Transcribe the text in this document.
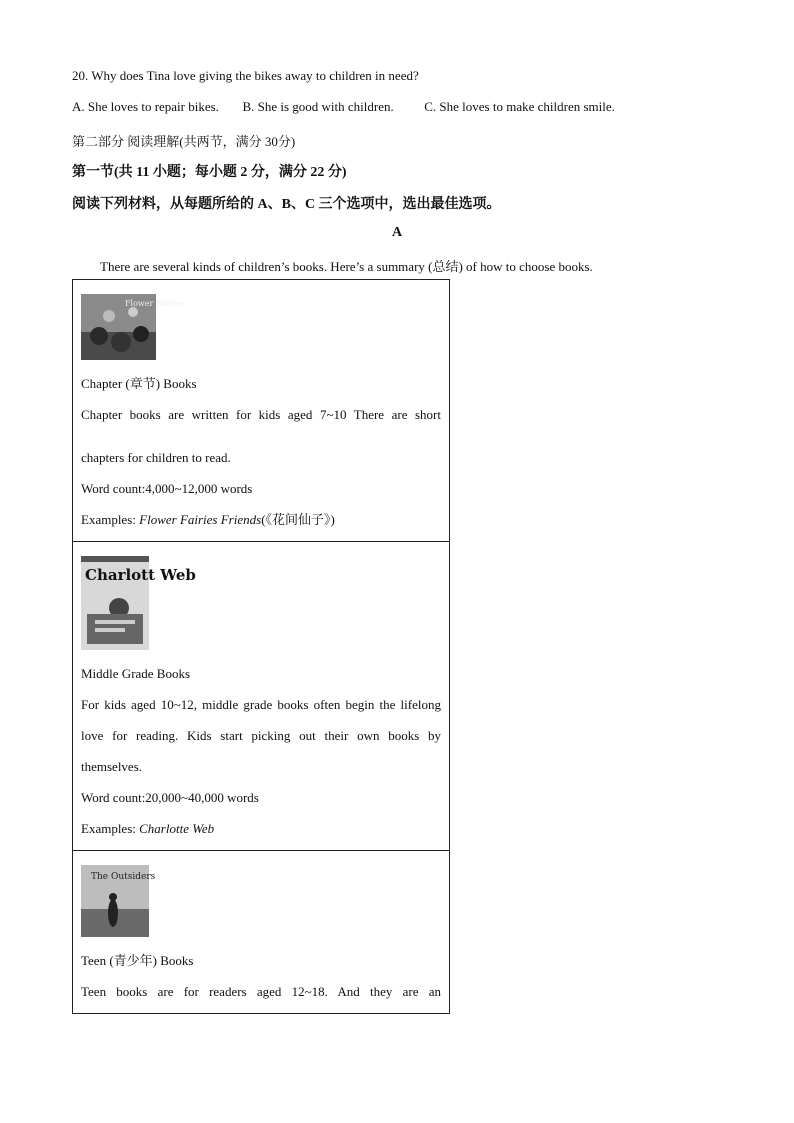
20. Why does Tina love giving the bikes away to children in need?
A. She loves to repair bikes. B. She is good with children. C. She loves to make children smile.
第二部分 阅读理解(共两节，满分 30分)
第一节(共 11 小题；每小题 2 分，满分 22 分)
阅读下列材料，从每题所给的 A、B、C 三个选项中，选出最佳选项。
A
There are several kinds of children’s books. Here’s a summary (总结) of how to choose books.
Flower Fairies

Chapter (章节) Books

Chapter books are written for kids aged 7~10 There are short

chapters for children to read.

Word count:4,000~12,000 words

Examples: Flower Fairies Friends(《花间仙子》)

Charlott Web

Middle Grade Books

For kids aged 10~12, middle grade books often begin the lifelong

love for reading. Kids start picking out their own books by

themselves.

Word count:20,000~40,000 words

Examples: Charlotte Web

The Outsiders

Teen (青少年) Books

Teen books are for readers aged 12~18. And they are an
